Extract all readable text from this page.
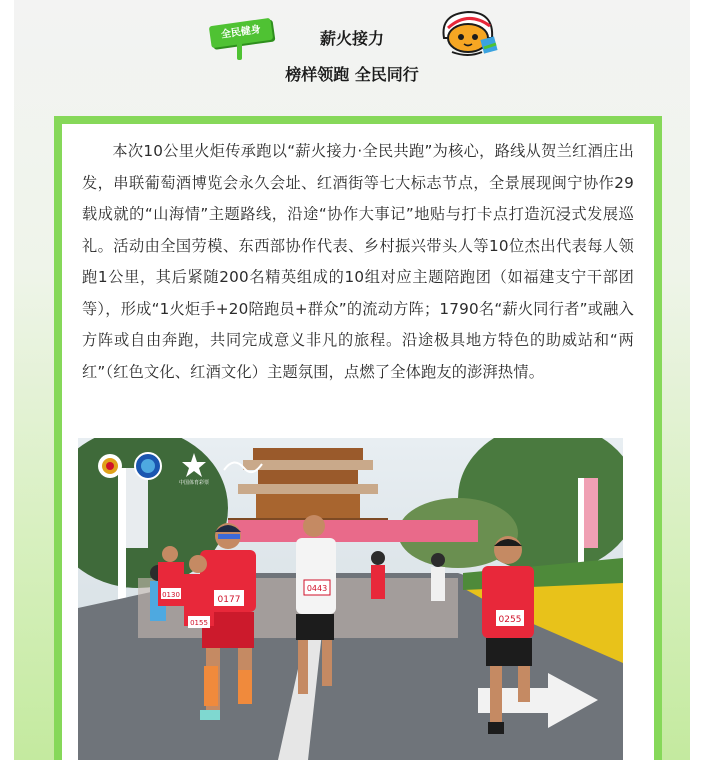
全民健身	薪火接力
榜样领跑 全民同行

本次10公里火炬传承跑以“薪火接力·全民共跑”为核心，路线从贺兰红酒庄出发，串联葡萄酒博览会永久会址、红酒街等七大标志节点，全景展现闽宁协作29载成就的“山海情”主题路线，沿途“协作大事记”地贴与打卡点打造沉浸式发展巡礼。活动由全国劳模、东西部协作代表、乡村振兴带头人等10位杰出代表每人领跑1公里，其后紧随200名精英组成的10组对应主题陪跑团（如福建支宁干部团等），形成“1火炬手+20陪跑员+群众”的流动方阵；1790名“薪火同行者”或融入方阵或自由奔跑，共同完成意义非凡的旅程。沿途极具地方特色的助威站和“两红”（红色文化、红酒文化）主题氛围，点燃了全体跑友的澎湃热情。

0177
0443
0255
0155
0130
中国体育彩票
